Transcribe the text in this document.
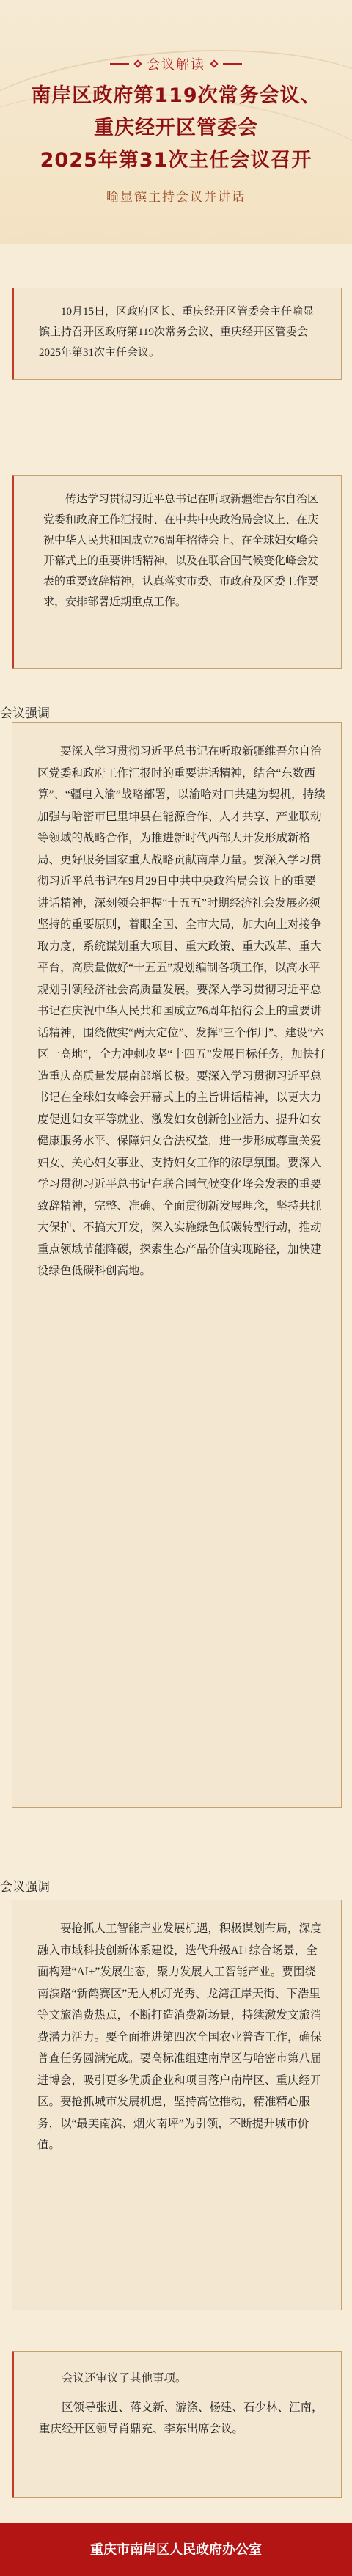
会议解读
南岸区政府第119次常务会议、
重庆经开区管委会
2025年第31次主任会议召开
喻显镔主持会议并讲话

10月15日，区政府区长、重庆经开区管委会主任喻显镔主持召开区政府第119次常务会议、重庆经开区管委会2025年第31次主任会议。

传达学习贯彻习近平总书记在听取新疆维吾尔自治区党委和政府工作汇报时、在中共中央政治局会议上、在庆祝中华人民共和国成立76周年招待会上、在全球妇女峰会开幕式上的重要讲话精神，以及在联合国气候变化峰会发表的重要致辞精神，认真落实市委、市政府及区委工作要求，安排部署近期重点工作。

会议强调

要深入学习贯彻习近平总书记在听取新疆维吾尔自治区党委和政府工作汇报时的重要讲话精神，结合“东数西算”、“疆电入渝”战略部署，以渝哈对口共建为契机，持续加强与哈密市巴里坤县在能源合作、人才共享、产业联动等领域的战略合作，为推进新时代西部大开发形成新格局、更好服务国家重大战略贡献南岸力量。要深入学习贯彻习近平总书记在9月29日中共中央政治局会议上的重要讲话精神，深刻领会把握“十五五”时期经济社会发展必须坚持的重要原则，着眼全国、全市大局，加大向上对接争取力度，系统谋划重大项目、重大政策、重大改革、重大平台，高质量做好“十五五”规划编制各项工作，以高水平规划引领经济社会高质量发展。要深入学习贯彻习近平总书记在庆祝中华人民共和国成立76周年招待会上的重要讲话精神，围绕做实“两大定位”、发挥“三个作用”、建设“六区一高地”，全力冲刺攻坚“十四五”发展目标任务，加快打造重庆高质量发展南部增长极。要深入学习贯彻习近平总书记在全球妇女峰会开幕式上的主旨讲话精神，以更大力度促进妇女平等就业、激发妇女创新创业活力、提升妇女健康服务水平、保障妇女合法权益，进一步形成尊重关爱妇女、关心妇女事业、支持妇女工作的浓厚氛围。要深入学习贯彻习近平总书记在联合国气候变化峰会发表的重要致辞精神，完整、准确、全面贯彻新发展理念，坚持共抓大保护、不搞大开发，深入实施绿色低碳转型行动，推动重点领域节能降碳，探索生态产品价值实现路径，加快建设绿色低碳科创高地。

会议强调

要抢抓人工智能产业发展机遇，积极谋划布局，深度融入市域科技创新体系建设，迭代升级AI+综合场景，全面构建“AI+”发展生态，聚力发展人工智能产业。要围绕南滨路“新鹤赛区”无人机灯光秀、龙湾江岸天街、下浩里等文旅消费热点，不断打造消费新场景，持续激发文旅消费潜力活力。要全面推进第四次全国农业普查工作，确保普查任务圆满完成。要高标准组建南岸区与哈密市第八届进博会，吸引更多优质企业和项目落户南岸区、重庆经开区。要抢抓城市发展机遇，坚持高位推动，精准精心服务，以“最美南滨、烟火南坪”为引领，不断提升城市价值。

会议还审议了其他事项。

区领导张进、蒋文新、游涤、杨建、石少林、江南，重庆经开区领导肖鼎充、李东出席会议。

重庆市南岸区人民政府办公室
